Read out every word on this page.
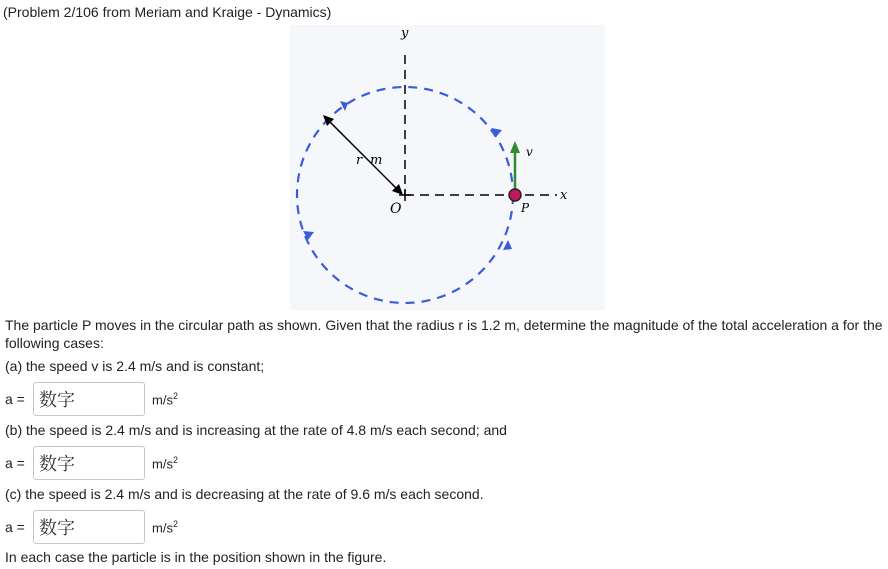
(Problem 2/106 from Meriam and Kraige - Dynamics)
y
x
r m
v
O	P
The particle P moves in the circular path as shown. Given that the radius r is 1.2 m, determine the magnitude of the total acceleration a for the following cases:
(a) the speed v is 2.4 m/s and is constant;
a = 数字	$m/s^2$
(b) the speed is 2.4 m/s and is increasing at the rate of 4.8 m/s each second; and
a = 数字	$m/s^2$
(c) the speed is 2.4 m/s and is decreasing at the rate of 9.6 m/s each second.
a = 数字	$m/s^2$
In each case the particle is in the position shown in the figure.
